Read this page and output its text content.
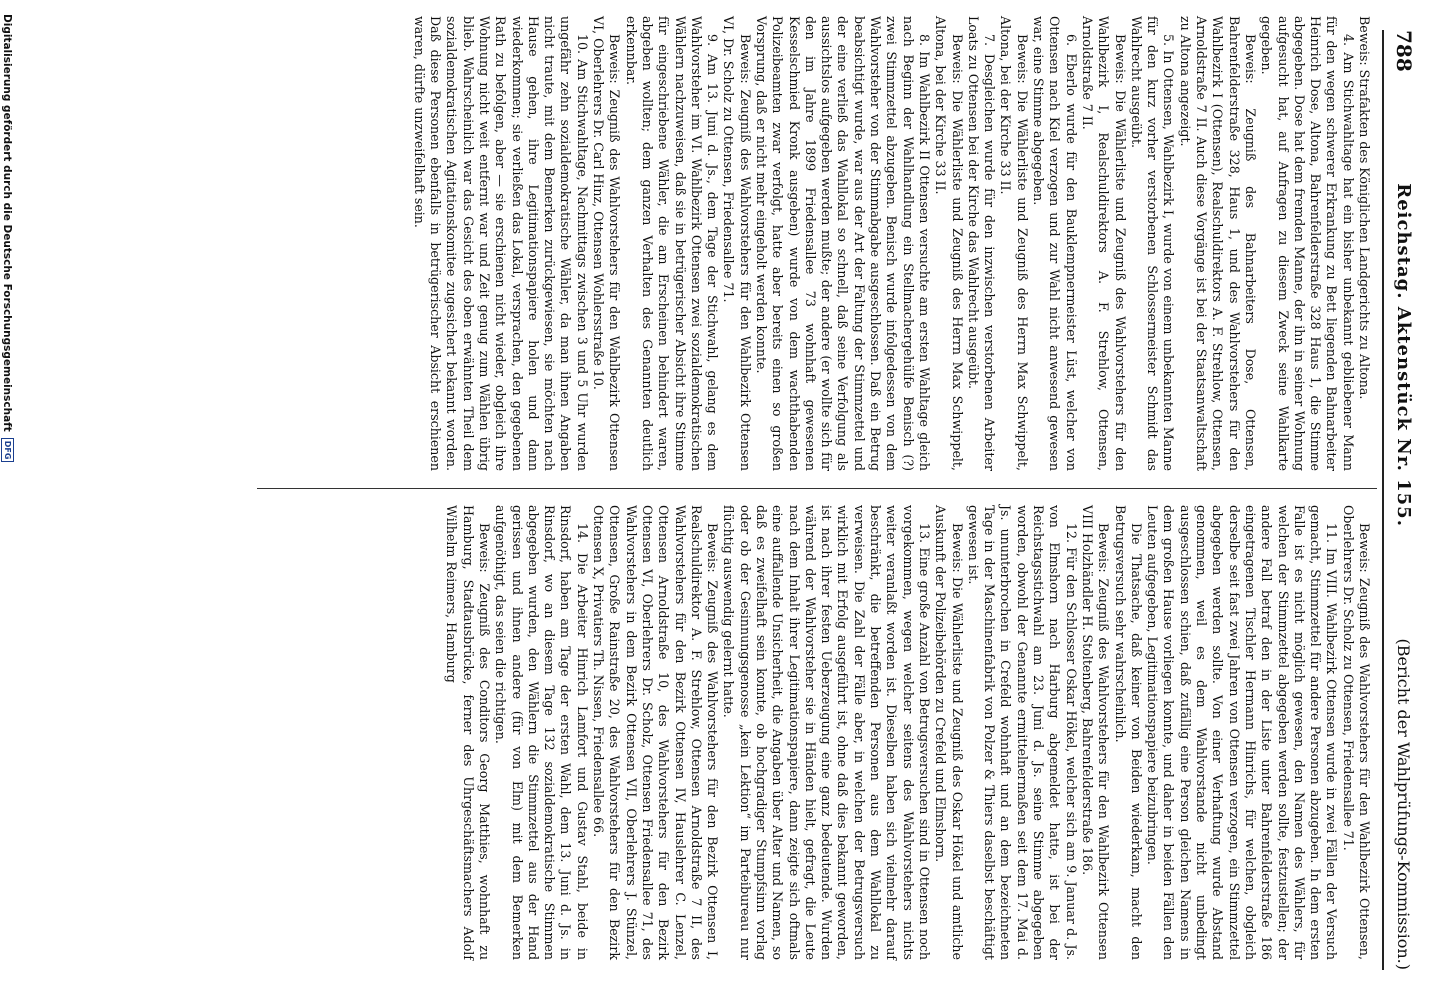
Digitalisierung gefördert durch die Deutsche Forschungsgemeinschaft
DFG
788
Reichstag. Aktenstück Nr. 155.
(Bericht der Wahlprüfungs-Kommission.)

Beweis: Strafakten des Königlichen Landgerichts zu Altona.

4. Am Stichwahltage hat ein bisher unbekannt gebliebener Mann für den wegen schwerer Erkrankung zu Bett liegenden Bahnarbeiter Heinrich Dose, Altona, Bahrenfelderstraße 328 Haus 1, die Stimme abgegeben. Dose hat dem fremden Manne, der ihn in seiner Wohnung aufgesucht hat, auf Anfragen zu diesem Zweck seine Wahlkarte gegeben.

Beweis: Zeugniß des Bahnarbeiters Dose, Ottensen, Bahrenfelderstraße 328, Haus 1, und des Wahlvorstehers für den Wahlbezirk I (Ottensen), Realschuldirektors A. F. Strehlow, Ottensen, Arnoldstraße 7 II. Auch diese Vorgänge ist bei der Staatsanwaltschaft zu Altona angezeigt.

5. In Ottensen, Wahlbezirk I, wurde von einem unbekannten Manne für den kurz vorher verstorbenen Schlossermeister Schmidt das Wahlrecht ausgeübt.

Beweis: Die Wählerliste und Zeugniß des Wahlvorstehers für den Wahlbezirk I, Realschuldirektors A. F. Strehlow, Ottensen, Arnoldstraße 7 II.

6. Eberlo wurde für den Bauklempnermeister Lüst, welcher von Ottensen nach Kiel verzogen und zur Wahl nicht anwesend gewesen war, eine Stimme abgegeben.

Beweis: Die Wählerliste und Zeugniß des Herrn Max Schwippelt, Altona, bei der Kirche 33 II.

7. Desgleichen wurde für den inzwischen verstorbenen Arbeiter Loats zu Ottensen bei der Kirche das Wahlrecht ausgeübt.

Beweis: Die Wählerliste und Zeugniß des Herrn Max Schwippelt, Altona, bei der Kirche 33 II.

8. Im Wahlbezirk II Ottensen versuchte am ersten Wahltage gleich nach Beginn der Wahlhandlung ein Stellmachergehülfe Benisch (?) zwei Stimmzettel abzugeben. Benisch wurde infolgedessen von dem Wahlvorsteher von der Stimmabgabe ausgeschlossen. Daß ein Betrug beabsichtigt wurde, war aus der Art der Faltung der Stimmzettel und der eine verließ das Wahllokal so schnell, daß seine Verfolgung als aussichtslos aufgegeben werden mußte; der andere (er wollte sich für den im Jahre 1899 Friedensallee 73 wohnhaft gewesenen Kesselschmied Kronk ausgeben) wurde von dem wachthabenden Polizeibeamten zwar verfolgt, hatte aber bereits einen so großen Vorsprung, daß er nicht mehr eingeholt werden konnte.

Beweis: Zeugniß des Wahlvorstehers für den Wahlbezirk Ottensen VI, Dr. Scholz zu Ottensen, Friedensallee 71.

9. Am 13. Juni d. Js., dem Tage der Stichwahl, gelang es dem Wahlvorsteher im VI. Wahlbezirk Ottensen zwei sozialdemokratischen Wählern nachzuweisen, daß sie in betrügerischer Absicht ihre Stimme für eingeschriebene Wähler, die am Erscheinen behindert waren, abgeben wollten; dem ganzen Verhalten des Genannten deutlich erkennbar.

Beweis: Zeugniß des Wahlvorstehers für den Wahlbezirk Ottensen VI, Oberlehrers Dr. Carl Hinz, Ottensen Wohlersstraße 10.

10. Am Stichwahltage, Nachmittags zwischen 3 und 5 Uhr wurden ungefähr zehn sozialdemokratische Wähler, da man ihnen Angaben nicht traute, mit dem Bemerken zurückgewiesen, sie möchten nach Hause gehen, ihre Legitimationspapiere holen und dann wiederkommen; sie verließen das Lokal, versprachen, den gegebenen Rath zu befolgen, aber — sie erschienen nicht wieder, obgleich ihre Wohnung nicht weit entfernt war und Zeit genug zum Wählen übrig blieb. Wahrscheinlich war das Gesicht des oben erwähnten Theil dem sozialdemokratischen Agitationskomitee zugesichert bekannt worden. Daß diese Personen ebenfalls in betrügerischer Absicht erschienen waren, dürfte unzweifelhaft sein.

Beweis: Zeugniß des Wahlvorstehers für den Wahlbezirk Ottensen, Oberlehrers Dr. Scholz zu Ottensen, Friedensallee 71.

11. Im VIII. Wahlbezirk Ottensen wurde in zwei Fällen der Versuch gemacht, Stimmzettel für andere Personen abzugeben. In dem ersten Falle ist es nicht möglich gewesen, den Namen des Wählers, für welchen der Stimmzettel abgegeben werden sollte, festzustellen; der andere Fall betraf den in der Liste unter Bahrenfelderstraße 186 eingetragenen Tischler Hermann Hinrichs, für welchen, obgleich derselbe seit fast zwei Jahren von Ottensen verzogen, ein Stimmzettel abgegeben werden sollte. Von einer Verhaftung wurde Abstand genommen, weil es dem Wahlvorstande nicht unbedingt ausgeschlossen schien, daß zufällig eine Person gleichen Namens in dem großen Hause vorliegen konnte, und daher in beiden Fällen den Leuten aufgegeben, Legitimationspapiere beizubringen.

Die Thatsache, daß keiner von Beiden wiederkam, macht den Betrugsversuch sehr wahrscheinlich.

Beweis: Zeugniß des Wahlvorstehers für den Wahlbezirk Ottensen VIII Holzhändler H. Stoltenberg, Bahrenfelderstraße 186.

12. Für den Schlosser Oskar Hökel, welcher sich am 9. Januar d. Js. von Elmshorn nach Harburg abgemeldet hatte, ist bei der Reichstagsstichwahl am 23. Juni d. Js. seine Stimme abgegeben worden, obwohl der Genannte ermittelnermaßen seit dem 17. Mai d. Js. ununterbrochen in Crefeld wohnhaft und an dem bezeichneten Tage in der Maschinenfabrik von Polzer & Thiers daselbst beschäftigt gewesen ist.

Beweis: Die Wählerliste und Zeugniß des Oskar Hökel und amtliche Auskunft der Polizeibehörden zu Crefeld und Elmshorn.

13. Eine große Anzahl von Betrugsversuchen sind in Ottensen noch vorgekommen, wegen welcher seitens des Wahlvorstehers nichts weiter veranlaßt worden ist. Dieselben haben sich vielmehr darauf beschränkt, die betreffenden Personen aus dem Wahllokal zu verweisen. Die Zahl der Fälle aber, in welchen der Betrugsversuch wirklich mit Erfolg ausgeführt ist, ohne daß dies bekannt geworden, ist nach ihrer festen Ueberzeugung eine ganz bedeutende. Wurden während der Wahlvorsteher sie in Händen hielt, gefragt, die Leute nach dem Inhalt ihrer Legitimationspapiere, dann zeigte sich oftmals eine auffallende Unsicherheit, die Angaben über Alter und Namen, so daß es zweifelhaft sein konnte, ob hochgradiger Stumpfsinn vorlag oder ob der Gesinnungsgenosse „kein Lektion“ im Parteibureau nur flüchtig auswendig gelernt hatte.

Beweis: Zeugniß des Wahlvorstehers für den Bezirk Ottensen I, Realschuldirektor A. F. Strehlow, Ottensen Arnoldstraße 7 II, des Wahlvorstehers für den Bezirk Ottensen IV, Hauslehrer C. Lenzel, Ottensen Arnoldstraße 10, des Wahlvorstehers für den Bezirk Ottensen VI, Oberlehrers Dr. Scholz, Ottensen Friedensallee 71, des Wahlvorstehers in dem Bezirk Ottensen VII, Oberlehrers J. Stünzel, Ottensen, Große Rainstraße 20, des Wahlvorstehers für den Bezirk Ottensen X, Privatiers Th. Nissen, Friedensallee 66.

14. Die Arbeiter Hinrich Lamfort und Gustav Stahl, beide in Rinsdorf, haben am Tage der ersten Wahl, dem 13. Juni d. Js. in Rinsdorf, wo an diesem Tage 132 sozialdemokratische Stimmen abgegeben wurden, den Wählern die Stimmzettel aus der Hand gerissen und ihnen andere (für von Elm) mit dem Bemerken aufgenöthigt, das seien die richtigen.

Beweis: Zeugniß des Conditors Georg Matthies, wohnhaft zu Hamburg, Stadtausbrücke, ferner des Uhrgeschäftsmachers Adolf Wilhelm Reimers, Hamburg
